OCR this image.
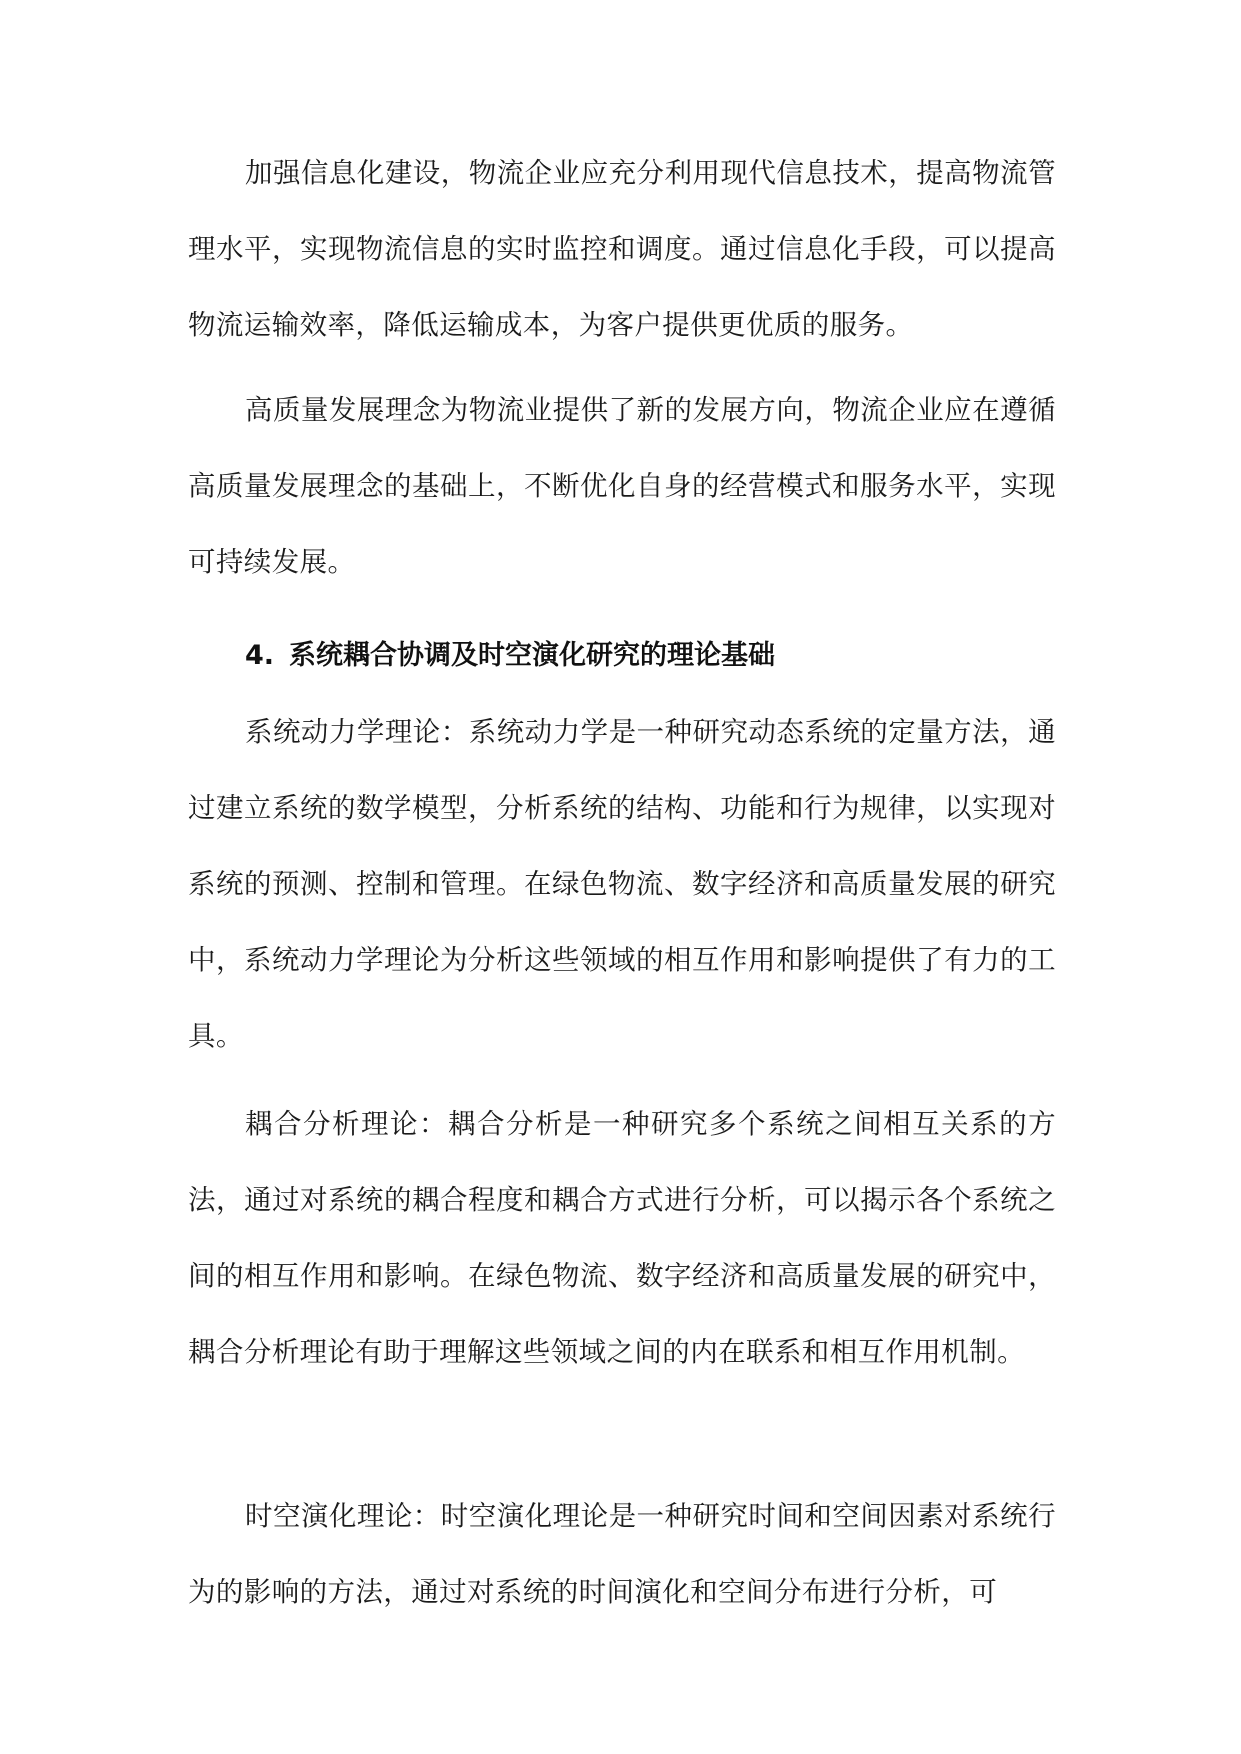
加强信息化建设，物流企业应充分利用现代信息技术，提高物流管理水平，实现物流信息的实时监控和调度。通过信息化手段，可以提高物流运输效率，降低运输成本，为客户提供更优质的服务。

高质量发展理念为物流业提供了新的发展方向，物流企业应在遵循高质量发展理念的基础上，不断优化自身的经营模式和服务水平，实现可持续发展。

4. 系统耦合协调及时空演化研究的理论基础

系统动力学理论：系统动力学是一种研究动态系统的定量方法，通过建立系统的数学模型，分析系统的结构、功能和行为规律，以实现对系统的预测、控制和管理。在绿色物流、数字经济和高质量发展的研究中，系统动力学理论为分析这些领域的相互作用和影响提供了有力的工具。

耦合分析理论：耦合分析是一种研究多个系统之间相互关系的方法，通过对系统的耦合程度和耦合方式进行分析，可以揭示各个系统之间的相互作用和影响。在绿色物流、数字经济和高质量发展的研究中，耦合分析理论有助于理解这些领域之间的内在联系和相互作用机制。

时空演化理论：时空演化理论是一种研究时间和空间因素对系统行为的影响的方法，通过对系统的时间演化和空间分布进行分析，可
